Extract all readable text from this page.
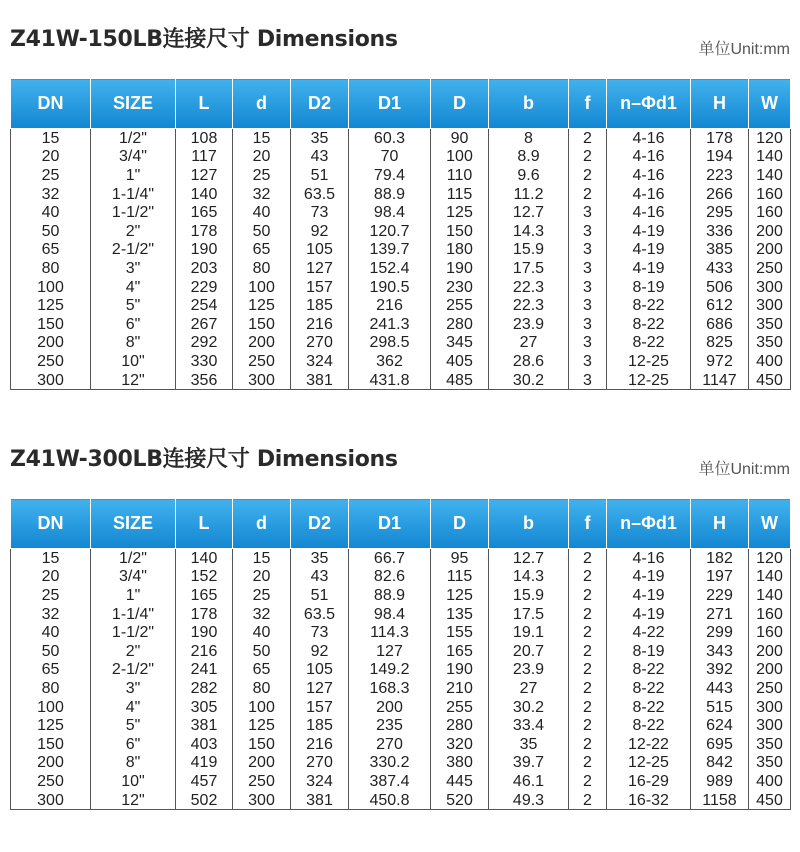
Z41W-150LB连接尺寸 Dimensions	单位Unit:mm
DN	SIZE	L	d	D2	D1	D	b	f	n–Φd1	H	W
15	1/2"	108	15	35	60.3	90	8	2	4-16	178	120
20	3/4"	117	20	43	70	100	8.9	2	4-16	194	140
25	1"	127	25	51	79.4	110	9.6	2	4-16	223	140
32	1-1/4"	140	32	63.5	88.9	115	11.2	2	4-16	266	160
40	1-1/2"	165	40	73	98.4	125	12.7	3	4-16	295	160
50	2"	178	50	92	120.7	150	14.3	3	4-19	336	200
65	2-1/2"	190	65	105	139.7	180	15.9	3	4-19	385	200
80	3"	203	80	127	152.4	190	17.5	3	4-19	433	250
100	4"	229	100	157	190.5	230	22.3	3	8-19	506	300
125	5"	254	125	185	216	255	22.3	3	8-22	612	300
150	6"	267	150	216	241.3	280	23.9	3	8-22	686	350
200	8"	292	200	270	298.5	345	27	3	8-22	825	350
250	10"	330	250	324	362	405	28.6	3	12-25	972	400
300	12"	356	300	381	431.8	485	30.2	3	12-25	1147	450
Z41W-300LB连接尺寸 Dimensions	单位Unit:mm
DN	SIZE	L	d	D2	D1	D	b	f	n–Φd1	H	W
15	1/2"	140	15	35	66.7	95	12.7	2	4-16	182	120
20	3/4"	152	20	43	82.6	115	14.3	2	4-19	197	140
25	1"	165	25	51	88.9	125	15.9	2	4-19	229	140
32	1-1/4"	178	32	63.5	98.4	135	17.5	2	4-19	271	160
40	1-1/2"	190	40	73	114.3	155	19.1	2	4-22	299	160
50	2"	216	50	92	127	165	20.7	2	8-19	343	200
65	2-1/2"	241	65	105	149.2	190	23.9	2	8-22	392	200
80	3"	282	80	127	168.3	210	27	2	8-22	443	250
100	4"	305	100	157	200	255	30.2	2	8-22	515	300
125	5"	381	125	185	235	280	33.4	2	8-22	624	300
150	6"	403	150	216	270	320	35	2	12-22	695	350
200	8"	419	200	270	330.2	380	39.7	2	12-25	842	350
250	10"	457	250	324	387.4	445	46.1	2	16-29	989	400
300	12"	502	300	381	450.8	520	49.3	2	16-32	1158	450
